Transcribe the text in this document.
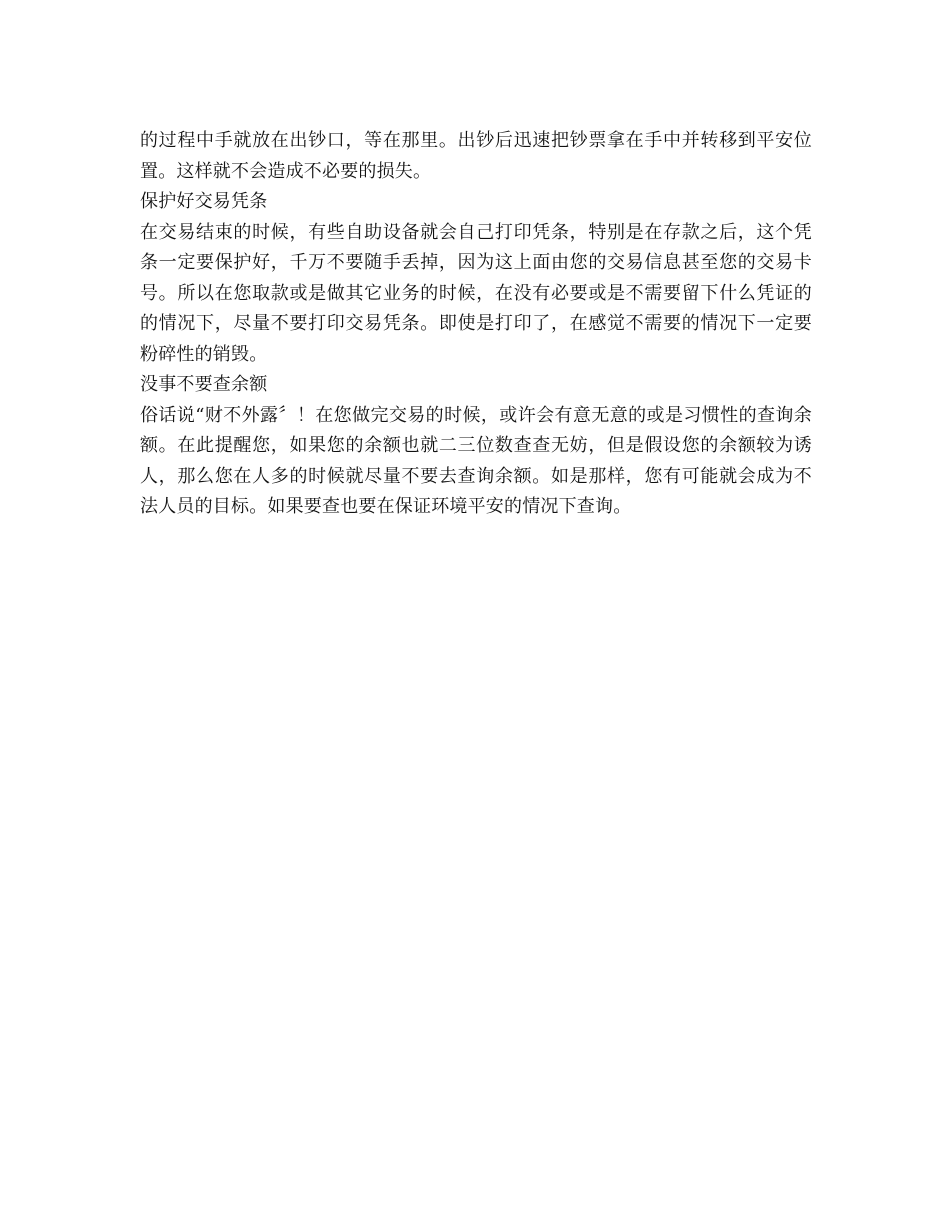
的过程中手就放在出钞口，等在那里。出钞后迅速把钞票拿在手中并转移到平安位置。这样就不会造成不必要的损失。

保护好交易凭条

在交易结束的时候，有些自助设备就会自己打印凭条，特别是在存款之后，这个凭条一定要保护好，千万不要随手丢掉，因为这上面由您的交易信息甚至您的交易卡号。所以在您取款或是做其它业务的时候，在没有必要或是不需要留下什么凭证的的情况下，尽量不要打印交易凭条。即使是打印了，在感觉不需要的情况下一定要粉碎性的销毁。

没事不要查余额

俗话说“财不外露〞！在您做完交易的时候，或许会有意无意的或是习惯性的查询余额。在此提醒您，如果您的余额也就二三位数查查无妨，但是假设您的余额较为诱人，那么您在人多的时候就尽量不要去查询余额。如是那样，您有可能就会成为不法人员的目标。如果要查也要在保证环境平安的情况下查询。
